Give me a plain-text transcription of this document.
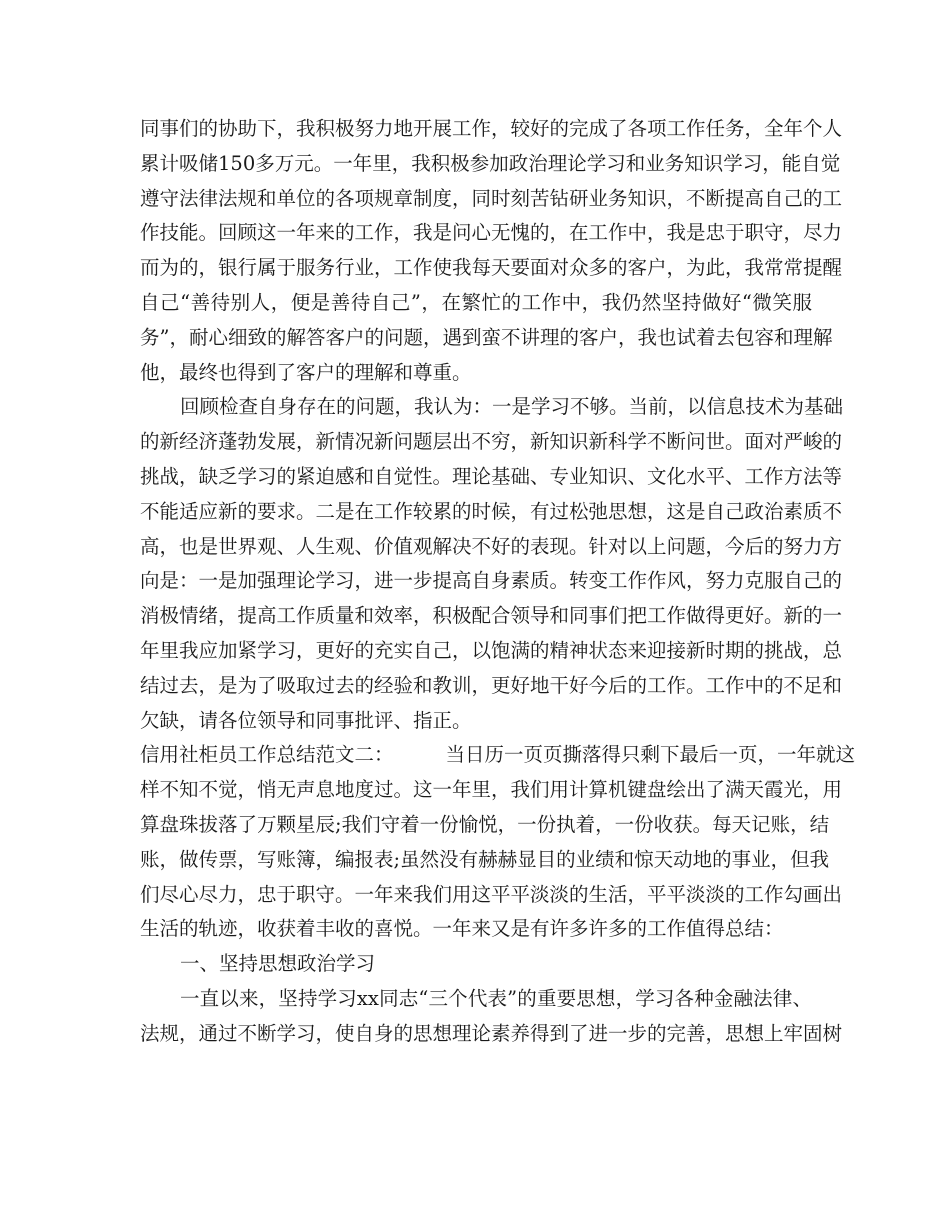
同事们的协助下，我积极努力地开展工作，较好的完成了各项工作任务，全年个人
累计吸储150多万元。一年里，我积极参加政治理论学习和业务知识学习，能自觉
遵守法律法规和单位的各项规章制度，同时刻苦钻研业务知识，不断提高自己的工
作技能。回顾这一年来的工作，我是问心无愧的，在工作中，我是忠于职守，尽力
而为的，银行属于服务行业，工作使我每天要面对众多的客户，为此，我常常提醒
自己“善待别人，便是善待自己”，在繁忙的工作中，我仍然坚持做好“微笑服
务”，耐心细致的解答客户的问题，遇到蛮不讲理的客户，我也试着去包容和理解
他，最终也得到了客户的理解和尊重。
回顾检查自身存在的问题，我认为：一是学习不够。当前，以信息技术为基础
的新经济蓬勃发展，新情况新问题层出不穷，新知识新科学不断问世。面对严峻的
挑战，缺乏学习的紧迫感和自觉性。理论基础、专业知识、文化水平、工作方法等
不能适应新的要求。二是在工作较累的时候，有过松弛思想，这是自己政治素质不
高，也是世界观、人生观、价值观解决不好的表现。针对以上问题，今后的努力方
向是：一是加强理论学习，进一步提高自身素质。转变工作作风，努力克服自己的
消极情绪，提高工作质量和效率，积极配合领导和同事们把工作做得更好。新的一
年里我应加紧学习，更好的充实自己，以饱满的精神状态来迎接新时期的挑战，总
结过去，是为了吸取过去的经验和教训，更好地干好今后的工作。工作中的不足和
欠缺，请各位领导和同事批评、指正。
信用社柜员工作总结范文二：	当日历一页页撕落得只剩下最后一页，一年就这
样不知不觉，悄无声息地度过。这一年里，我们用计算机键盘绘出了满天霞光，用
算盘珠拔落了万颗星辰;我们守着一份愉悦，一份执着，一份收获。每天记账，结
账，做传票，写账簿，编报表;虽然没有赫赫显目的业绩和惊天动地的事业，但我
们尽心尽力，忠于职守。一年来我们用这平平淡淡的生活，平平淡淡的工作勾画出
生活的轨迹，收获着丰收的喜悦。一年来又是有许多许多的工作值得总结：
一、坚持思想政治学习
一直以来，坚持学习xx同志“三个代表”的重要思想，学习各种金融法律、
法规，通过不断学习，使自身的思想理论素养得到了进一步的完善，思想上牢固树
